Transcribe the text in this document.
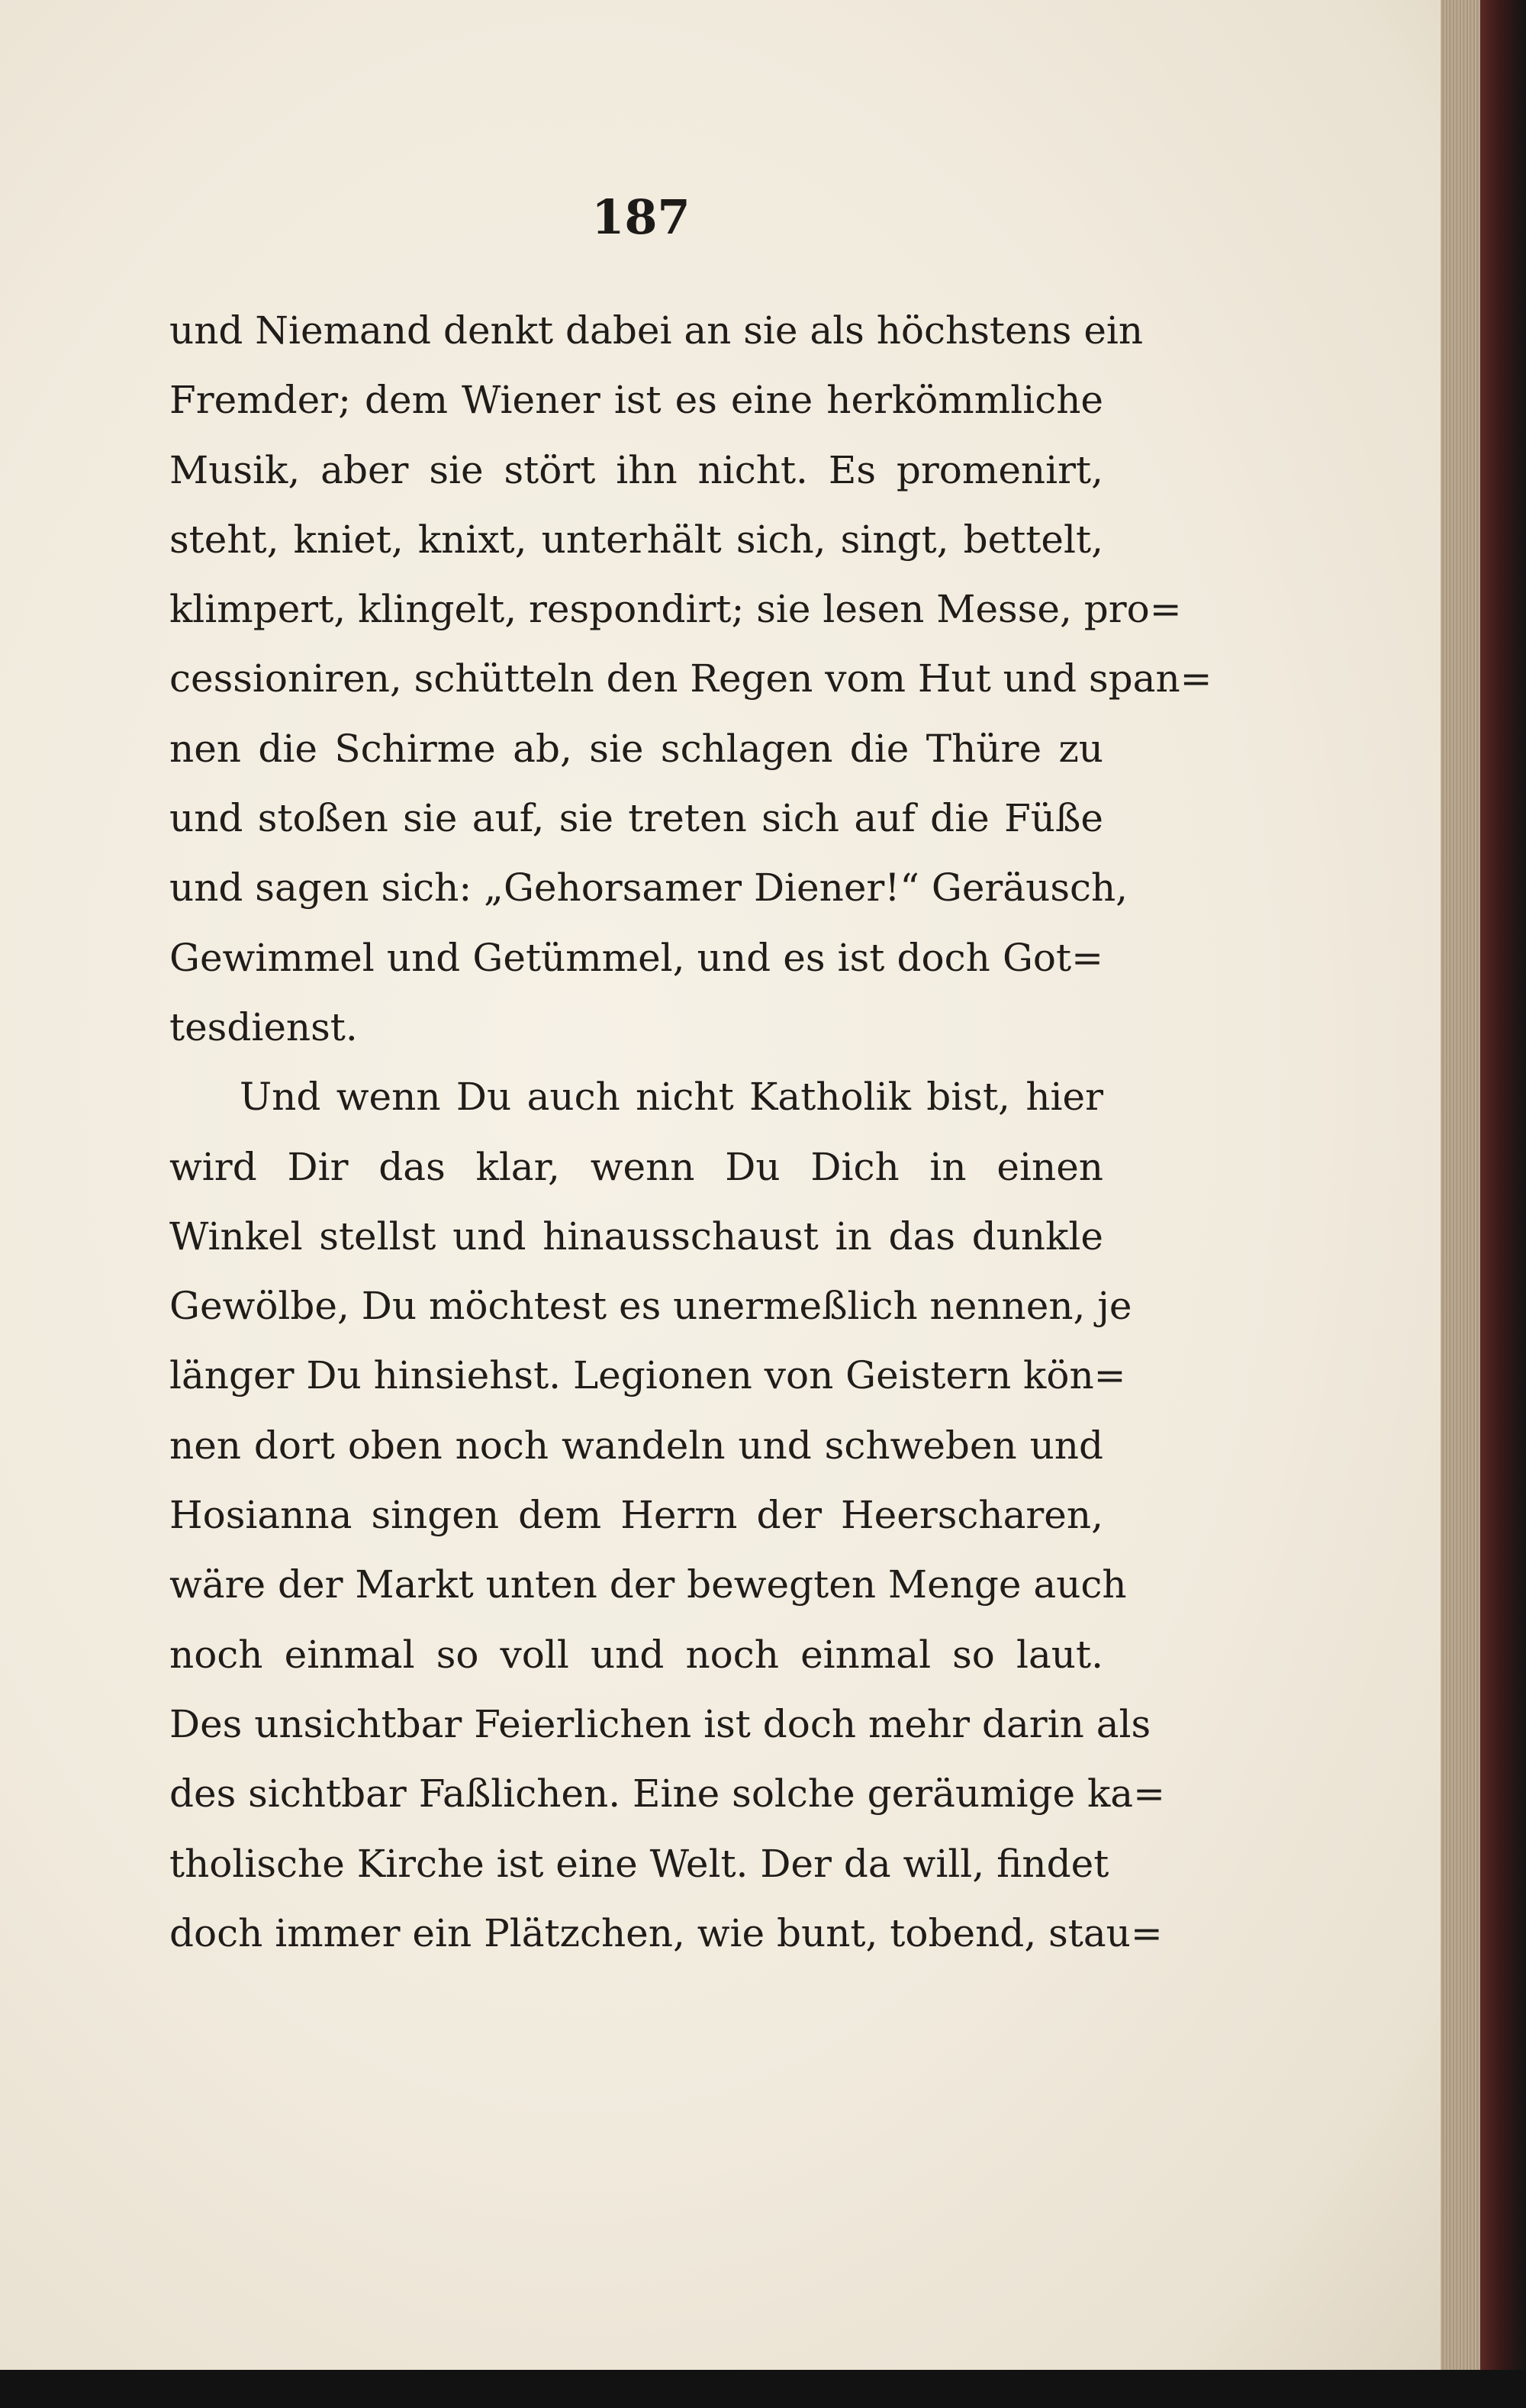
187
und Niemand denkt dabei an sie als höchstens ein
Fremder; dem Wiener ist es eine herkömmliche
Musik, aber sie stört ihn nicht. Es promenirt,
steht, kniet, knixt, unterhält sich, singt, bettelt,
klimpert, klingelt, respondirt; sie lesen Messe, pro=
cessioniren, schütteln den Regen vom Hut und span=
nen die Schirme ab, sie schlagen die Thüre zu
und stoßen sie auf, sie treten sich auf die Füße
und sagen sich: „Gehorsamer Diener!“ Geräusch,
Gewimmel und Getümmel, und es ist doch Got=
tesdienst.
Und wenn Du auch nicht Katholik bist, hier
wird Dir das klar, wenn Du Dich in einen
Winkel stellst und hinausschaust in das dunkle
Gewölbe, Du möchtest es unermeßlich nennen, je
länger Du hinsiehst. Legionen von Geistern kön=
nen dort oben noch wandeln und schweben und
Hosianna singen dem Herrn der Heerscharen,
wäre der Markt unten der bewegten Menge auch
noch einmal so voll und noch einmal so laut.
Des unsichtbar Feierlichen ist doch mehr darin als
des sichtbar Faßlichen. Eine solche geräumige ka=
tholische Kirche ist eine Welt. Der da will, findet
doch immer ein Plätzchen, wie bunt, tobend, stau=
